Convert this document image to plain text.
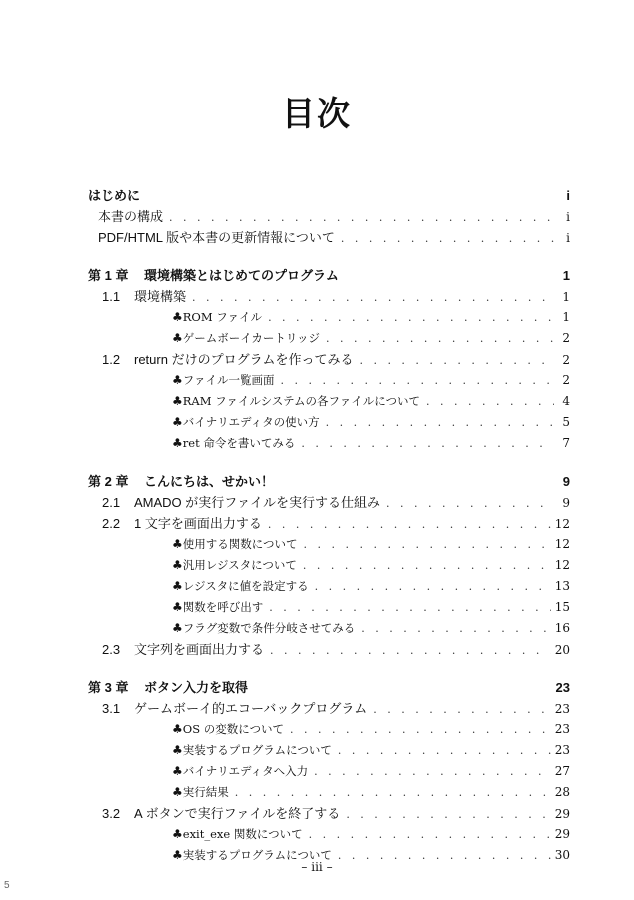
目次
はじめに	i
本書の構成 . . .	i
PDF/HTML 版や本書の更新情報について . . .	i
第 1 章	環境構築とはじめてのプログラム	1
1.1	環境構築 . . .	1
♣ ROM ファイル . . .	1
♣ ゲームボーイカートリッジ . . .	2
1.2	return だけのプログラムを作ってみる . . .	2
♣ ファイル一覧画面 . . .	2
♣ RAM ファイルシステムの各ファイルについて . . .	4
♣ バイナリエディタの使い方 . . .	5
♣ ret 命令を書いてみる . . .	7
第 2 章	こんにちは、せかい！	9
2.1	AMADO が実行ファイルを実行する仕組み . . .	9
2.2	1 文字を画面出力する . . .	12
♣ 使用する関数について . . .	12
♣ 汎用レジスタについて . . .	12
♣ レジスタに値を設定する . . .	13
♣ 関数を呼び出す . . .	15
♣ フラグ変数で条件分岐させてみる . . .	16
2.3	文字列を画面出力する . . .	20
第 3 章	ボタン入力を取得	23
3.1	ゲームボーイ的エコーバックプログラム . . .	23
♣ OS の変数について . . .	23
♣ 実装するプログラムについて . . .	23
♣ バイナリエディタへ入力 . . .	27
♣ 実行結果 . . .	28
3.2	A ボタンで実行ファイルを終了する . . .	29
♣ exit_exe 関数について . . .	29
♣ 実装するプログラムについて . . .	30
– iii –
5
